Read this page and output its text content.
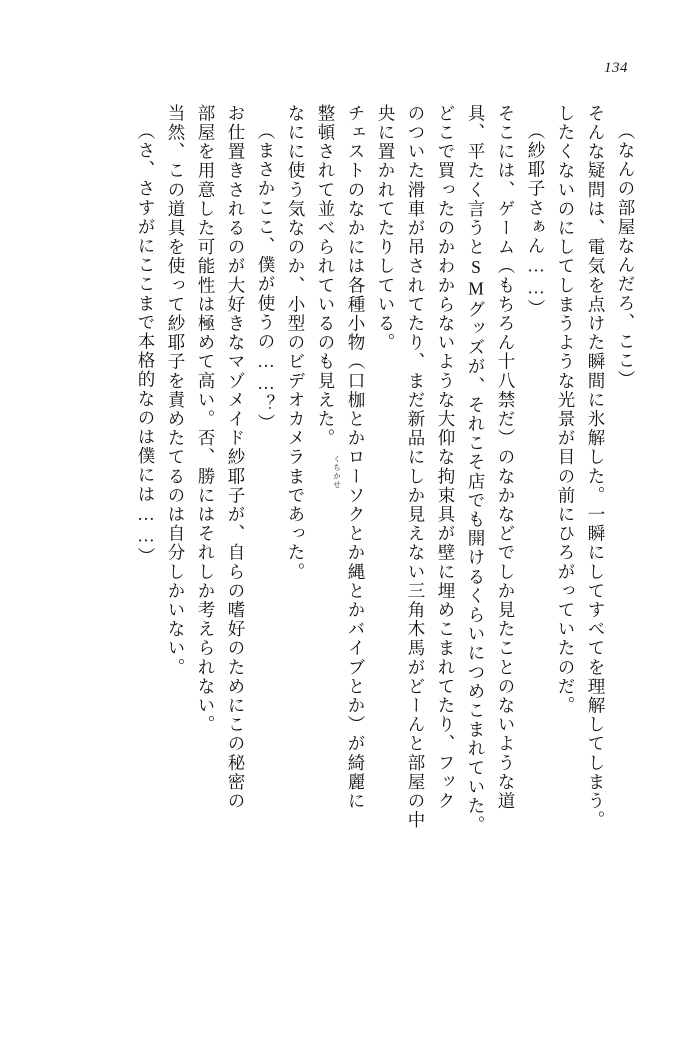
134
（なんの部屋なんだろ、ここ）
そんな疑問は、電気を点けた瞬間に氷解した。一瞬にしてすべてを理解してしまう。
したくないのにしてしまうような光景が目の前にひろがっていたのだ。
（紗耶子さぁん……）
そこには、ゲーム（もちろん十八禁だ）のなかなどでしか見たことのないような道
具、平たく言うとSMグッズが、それこそ店でも開けるくらいにつめこまれていた。
どこで買ったのかわからないような大仰な拘束具が壁に埋めこまれてたり、フック
のついた滑車が吊されてたり、まだ新品にしか見えない三角木馬がどーんと部屋の中
央に置かれてたりしている。
チェストのなかには各種小物（口枷とかローソクとか縄とかバイブとか）が綺麗に
整頓されて並べられているのも見えた。
なにに使う気なのか、小型のビデオカメラまであった。
（まさかここ、僕が使うの……？）
お仕置きされるのが大好きなマゾメイド紗耶子が、自らの嗜好のためにこの秘密の
部屋を用意した可能性は極めて高い。否、勝にはそれしか考えられない。
当然、この道具を使って紗耶子を責めたてるのは自分しかいない。
（さ、さすがにここまで本格的なのは僕には……）	くちかせ
